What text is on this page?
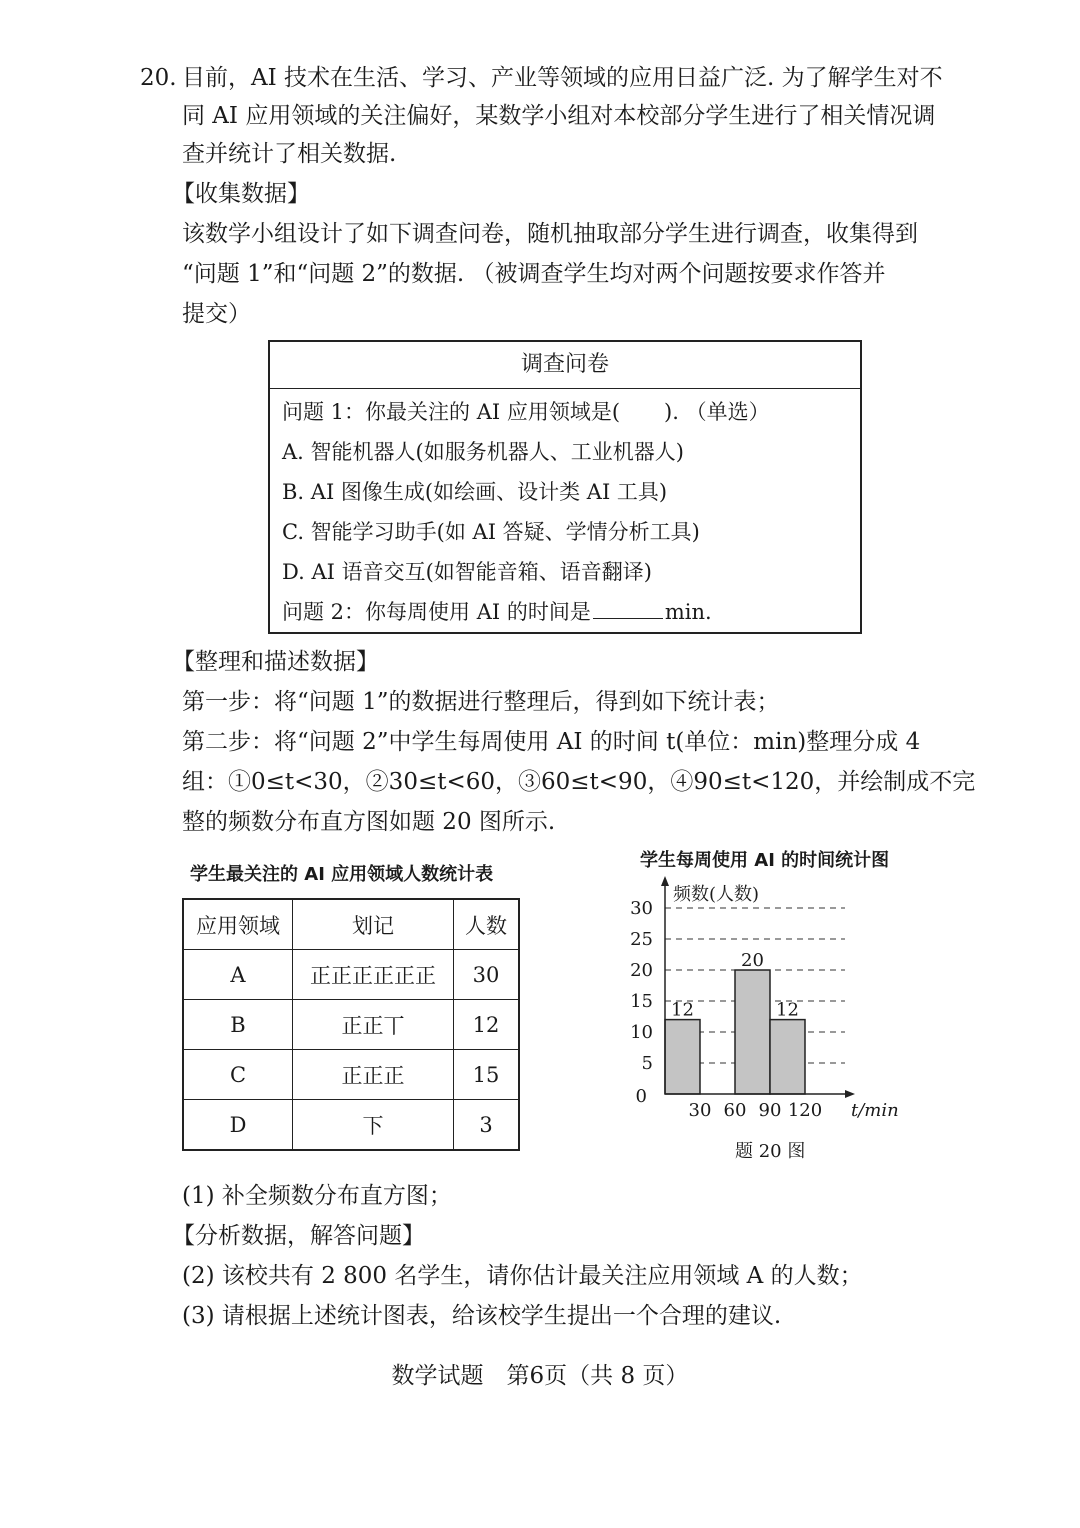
20. 目前，AI 技术在生活、学习、产业等领域的应用日益广泛. 为了解学生对不
同 AI 应用领域的关注偏好，某数学小组对本校部分学生进行了相关情况调
查并统计了相关数据.
【收集数据】
该数学小组设计了如下调查问卷，随机抽取部分学生进行调查，收集得到
“问题 1”和“问题 2”的数据. （被调查学生均对两个问题按要求作答并
提交）
调查问卷
问题 1：你最关注的 AI 应用领域是( ). （单选）
A. 智能机器人(如服务机器人、工业机器人)
B. AI 图像生成(如绘画、设计类 AI 工具)
C. 智能学习助手(如 AI 答疑、学情分析工具)
D. AI 语音交互(如智能音箱、语音翻译)
问题 2：你每周使用 AI 的时间是	min.
【整理和描述数据】
第一步：将“问题 1”的数据进行整理后，得到如下统计表；
第二步：将“问题 2”中学生每周使用 AI 的时间 t(单位：min)整理分成 4
组：①0≤t<30，②30≤t<60，③60≤t<90，④90≤t<120，并绘制成不完
整的频数分布直方图如题 20 图所示.
学生最关注的 AI 应用领域人数统计表
应用领域	划记	人数
A	正正正正正正	30
B	正正丅	12
C	正正正	15
D	下	3
学生每周使用 AI 的时间统计图
12
20
12
5
10
15
20
25
30
0
30 60 90 120
频数(人数)
t/min
题 20 图
(1) 补全频数分布直方图；
【分析数据，解答问题】
(2) 该校共有 2 800 名学生，请你估计最关注应用领域 A 的人数；
(3) 请根据上述统计图表，给该校学生提出一个合理的建议.
数学试题　第6页（共 8 页）
